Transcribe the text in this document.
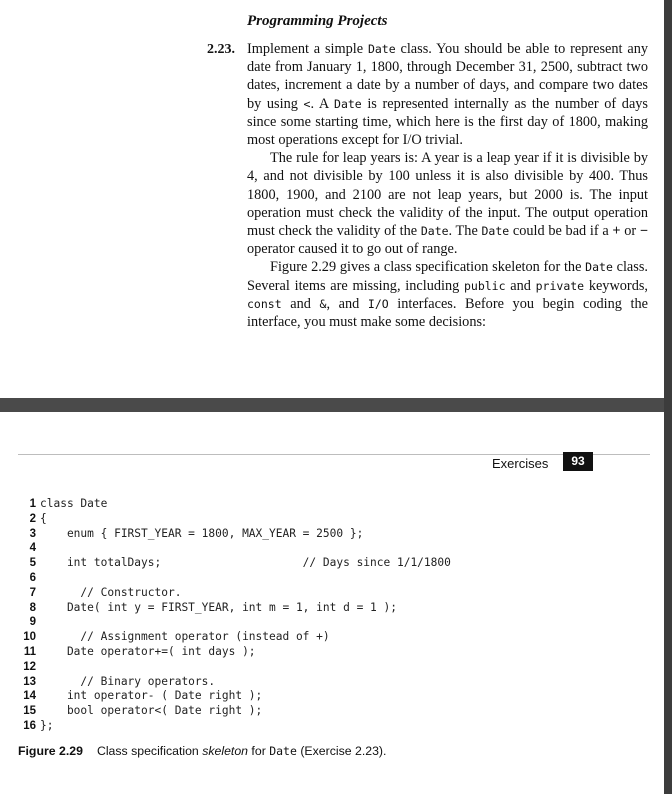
Programming Projects
2.23. Implement a simple Date class. You should be able to represent any date from January 1, 1800, through December 31, 2500, subtract two dates, increment a date by a number of days, and compare two dates by using <. A Date is represented internally as the number of days since some starting time, which here is the first day of 1800, making most operations except for I/O trivial.

The rule for leap years is: A year is a leap year if it is divisible by 4, and not divisible by 100 unless it is also divisible by 400. Thus 1800, 1900, and 2100 are not leap years, but 2000 is. The input operation must check the validity of the input. The output operation must check the validity of the Date. The Date could be bad if a + or − operator caused it to go out of range.

Figure 2.29 gives a class specification skeleton for the Date class. Several items are missing, including public and private keywords, const and &, and I/O interfaces. Before you begin coding the interface, you must make some decisions:

Exercises	93
1 class Date
2 {
3    enum { FIRST_YEAR = 1800, MAX_YEAR = 2500 };
4
5    int totalDays;                     // Days since 1/1/1800
6
7      // Constructor.
8    Date( int y = FIRST_YEAR, int m = 1, int d = 1 );
9
10      // Assignment operator (instead of +)
11    Date operator+=( int days );
12
13      // Binary operators.
14    int operator- ( Date right );
15    bool operator<( Date right );
16 };
Figure 2.29 Class specification skeleton for Date (Exercise 2.23).
